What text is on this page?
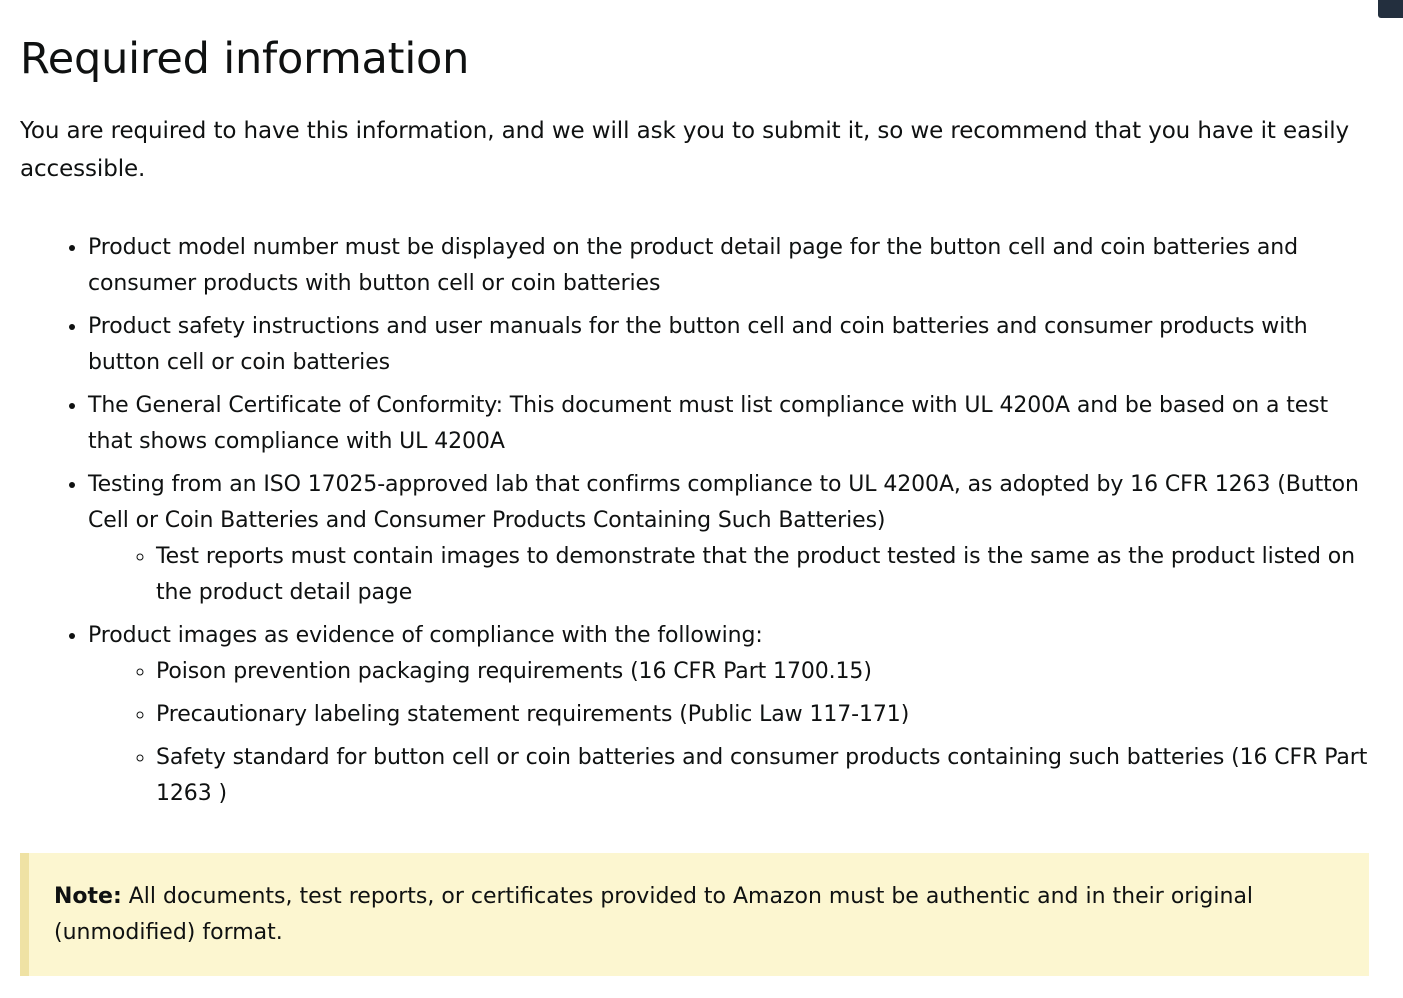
Required information

You are required to have this information, and we will ask you to submit it, so we recommend that you have it easily accessible.

• Product model number must be displayed on the product detail page for the button cell and coin batteries and consumer products with button cell or coin batteries
• Product safety instructions and user manuals for the button cell and coin batteries and consumer products with button cell or coin batteries
• The General Certificate of Conformity: This document must list compliance with UL 4200A and be based on a test that shows compliance with UL 4200A
• Testing from an ISO 17025-approved lab that confirms compliance to UL 4200A, as adopted by 16 CFR 1263 (Button Cell or Coin Batteries and Consumer Products Containing Such Batteries)
◦ Test reports must contain images to demonstrate that the product tested is the same as the product listed on the product detail page
• Product images as evidence of compliance with the following:
◦ Poison prevention packaging requirements (16 CFR Part 1700.15)
◦ Precautionary labeling statement requirements (Public Law 117-171)
◦ Safety standard for button cell or coin batteries and consumer products containing such batteries (16 CFR Part 1263 )
Note: All documents, test reports, or certificates provided to Amazon must be authentic and in their original (unmodified) format.
